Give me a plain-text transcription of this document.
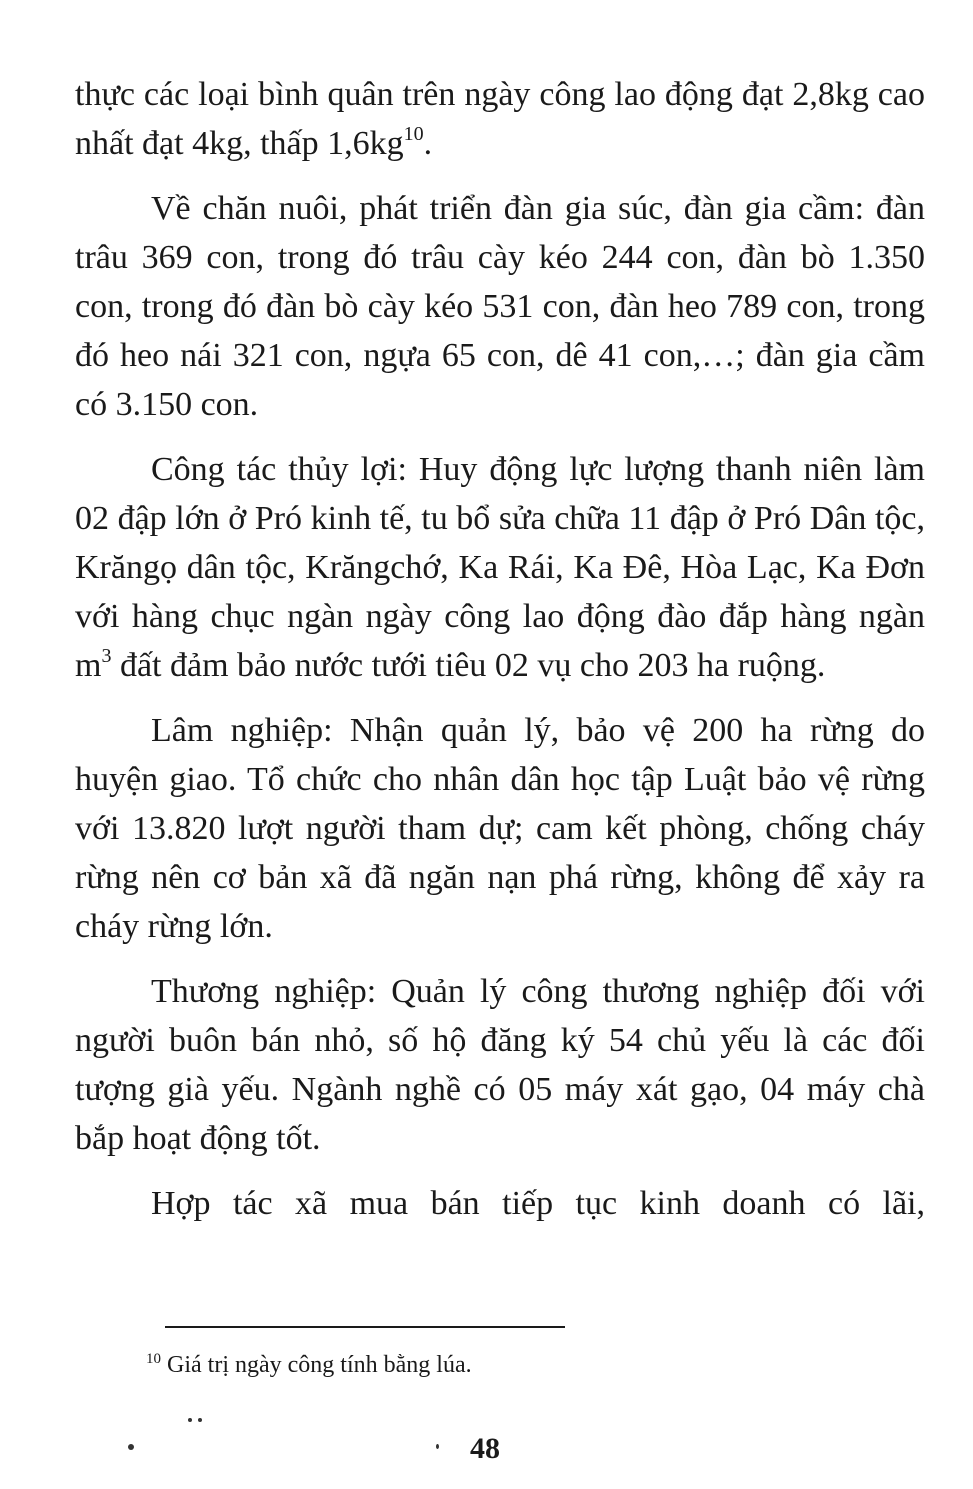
thực các loại bình quân trên ngày công lao động đạt 2,8kg cao nhất đạt 4kg, thấp $1,6kg^{10}$.

Về chăn nuôi, phát triển đàn gia súc, đàn gia cầm: đàn trâu 369 con, trong đó trâu cày kéo 244 con, đàn bò 1.350 con, trong đó đàn bò cày kéo 531 con, đàn heo 789 con, trong đó heo nái 321 con, ngựa 65 con, dê 41 con,…; đàn gia cầm có 3.150 con.

Công tác thủy lợi: Huy động lực lượng thanh niên làm 02 đập lớn ở Pró kinh tế, tu bổ sửa chữa 11 đập ở Pró Dân tộc, Krăngọ dân tộc, Krăngchớ, Ka Rái, Ka Đê, Hòa Lạc, Ka Đơn với hàng chục ngàn ngày công lao động đào đắp hàng ngàn $m^3$ đất đảm bảo nước tưới tiêu 02 vụ cho 203 ha ruộng.

Lâm nghiệp: Nhận quản lý, bảo vệ 200 ha rừng do huyện giao. Tổ chức cho nhân dân học tập Luật bảo vệ rừng với 13.820 lượt người tham dự; cam kết phòng, chống cháy rừng nên cơ bản xã đã ngăn nạn phá rừng, không để xảy ra cháy rừng lớn.

Thương nghiệp: Quản lý công thương nghiệp đối với người buôn bán nhỏ, số hộ đăng ký 54 chủ yếu là các đối tượng già yếu. Ngành nghề có 05 máy xát gạo, 04 máy chà bắp hoạt động tốt.

Hợp tác xã mua bán tiếp tục kinh doanh có lãi,

$^{10}$ Giá trị ngày công tính bằng lúa.
48
